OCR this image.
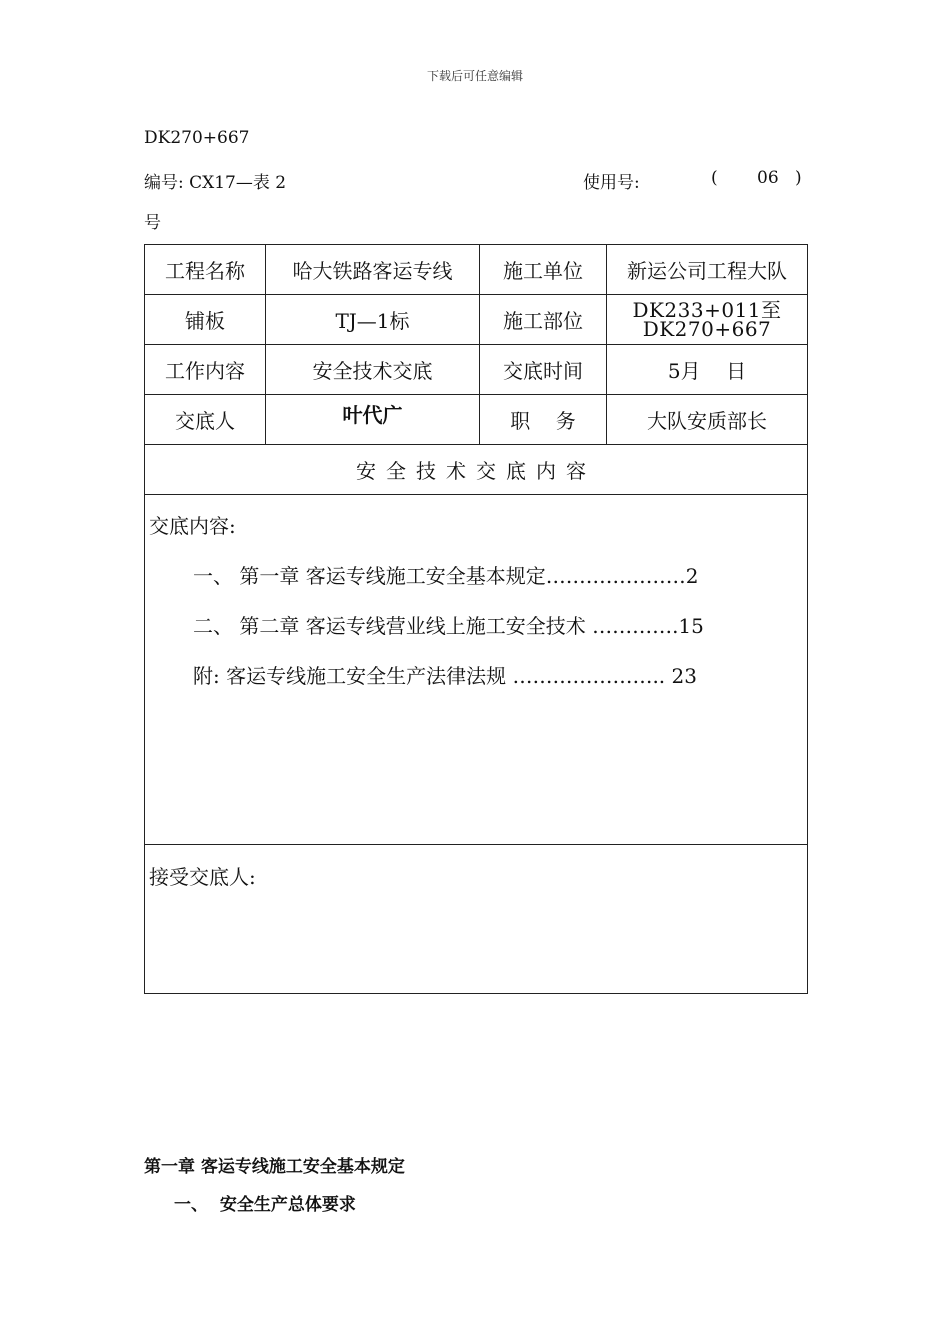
下载后可任意编辑
DK270+667
编号: CX17—表 2	使用号:	( 06 )
号
工程名称	哈大铁路客运专线	施工单位	新运公司工程大队
铺板	TJ—1标	施工部位	DK233+011至
DK270+667

工作内容	安全技术交底	交底时间	5月    日
交底人	叶代广	职    务	大队安质部长
安全技术交底内容			

交底内容:
一、 第一章 客运专线施工安全基本规定…………………2
二、 第二章 客运专线营业线上施工安全技术 ………….15
附: 客运专线施工安全生产法律法规 ………………….. 23			

接受交底人:			
第一章 客运专线施工安全基本规定
一、  安全生产总体要求
